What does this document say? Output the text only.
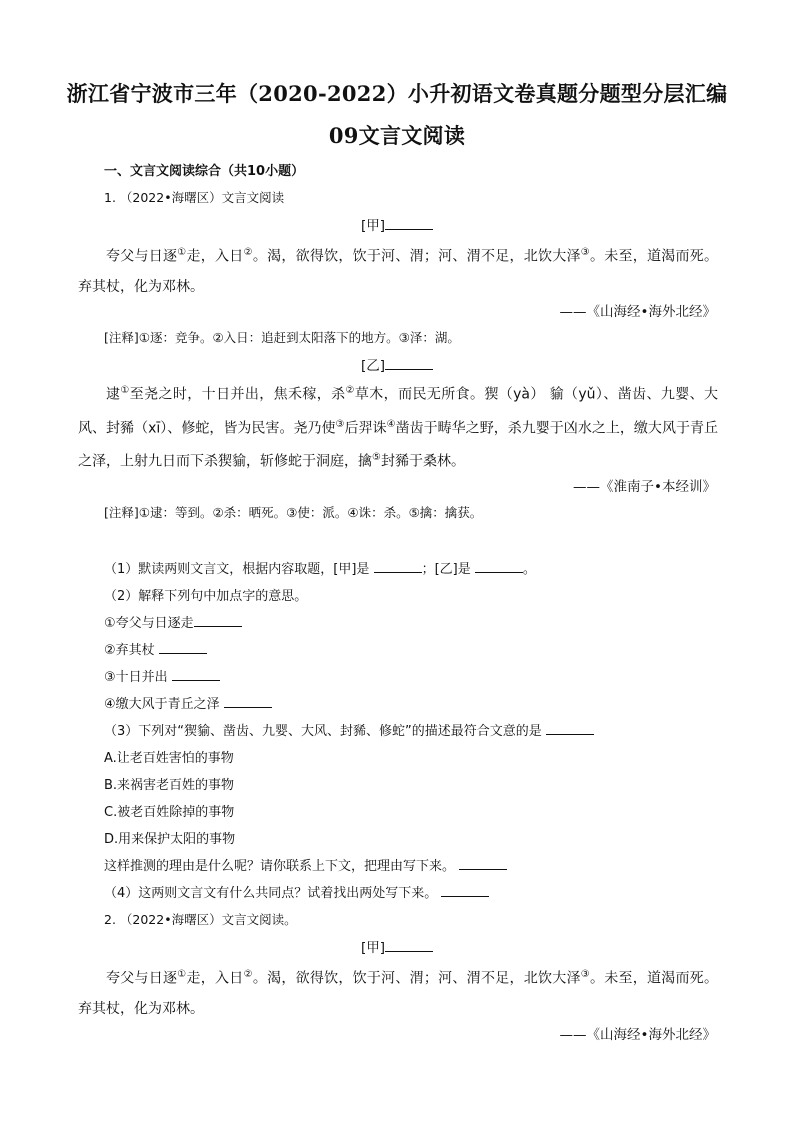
浙江省宁波市三年（2020-2022）小升初语文卷真题分题型分层汇编
09文言文阅读
一、文言文阅读综合（共10小题）
1. （2022•海曙区）文言文阅读
[甲]
夸父与日逐①走，入日②。渴，欲得饮，饮于河、渭；河、渭不足，北饮大泽③。未至，道渴而死。弃其杖，化为邓林。
——《山海经•海外北经》
[注释]①逐：竞争。②入日：追赶到太阳落下的地方。③泽：湖。
[乙]
逮①至尧之时，十日并出，焦禾稼，杀②草木，而民无所食。猰（yà） 貐（yǔ）、凿齿、九婴、大风、封豨（xī）、修蛇，皆为民害。尧乃使③后羿诛④凿齿于畴华之野，杀九婴于凶水之上，缴大风于青丘之泽，上射九日而下杀猰貐，斩修蛇于洞庭，擒⑤封豨于桑林。
——《淮南子•本经训》
[注释]①逮：等到。②杀：晒死。③使：派。④诛：杀。⑤擒：擒获。
（1）默读两则文言文，根据内容取题，[甲]是	；[乙]是	。
（2）解释下列句中加点字的意思。
①夸父与日逐走
②弃其杖
③十日并出
④缴大风于青丘之泽
（3）下列对“猰貐、凿齿、九婴、大风、封豨、修蛇”的描述最符合文意的是
A.让老百姓害怕的事物
B.来祸害老百姓的事物
C.被老百姓除掉的事物
D.用来保护太阳的事物
这样推测的理由是什么呢？请你联系上下文，把理由写下来。
（4）这两则文言文有什么共同点？试着找出两处写下来。
2. （2022•海曙区）文言文阅读。
[甲]
夸父与日逐①走，入日②。渴，欲得饮，饮于河、渭；河、渭不足，北饮大泽③。未至，道渴而死。弃其杖，化为邓林。
——《山海经•海外北经》
